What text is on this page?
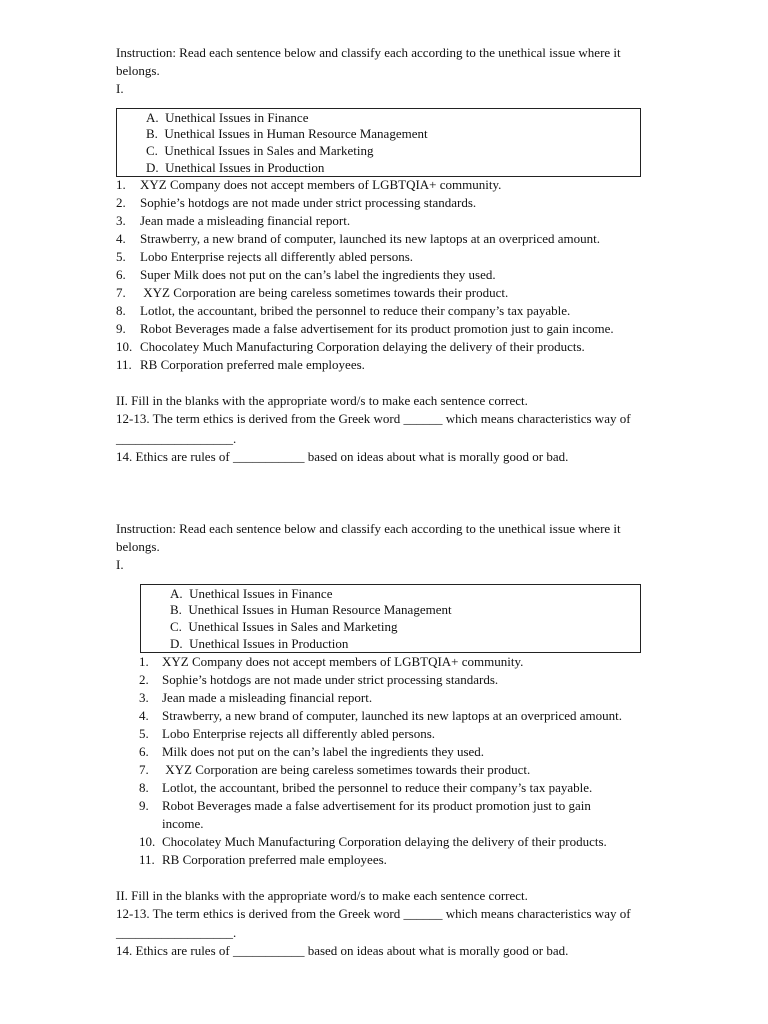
Instruction: Read each sentence below and classify each according to the unethical issue where it
belongs.
I.
A. Unethical Issues in Finance
B. Unethical Issues in Human Resource Management
C. Unethical Issues in Sales and Marketing
D. Unethical Issues in Production
1. XYZ Company does not accept members of LGBTQIA+ community.
2. Sophie’s hotdogs are not made under strict processing standards.
3. Jean made a misleading financial report.
4. Strawberry, a new brand of computer, launched its new laptops at an overpriced amount.
5. Lobo Enterprise rejects all differently abled persons.
6. Super Milk does not put on the can’s label the ingredients they used.
7. XYZ Corporation are being careless sometimes towards their product.
8. Lotlot, the accountant, bribed the personnel to reduce their company’s tax payable.
9. Robot Beverages made a false advertisement for its product promotion just to gain income.
10. Chocolatey Much Manufacturing Corporation delaying the delivery of their products.
11. RB Corporation preferred male employees.
II. Fill in the blanks with the appropriate word/s to make each sentence correct.
12-13. The term ethics is derived from the Greek word ______ which means characteristics way of
__________________.
14. Ethics are rules of ___________ based on ideas about what is morally good or bad.
Instruction: Read each sentence below and classify each according to the unethical issue where it
belongs.
I.
A. Unethical Issues in Finance
B. Unethical Issues in Human Resource Management
C. Unethical Issues in Sales and Marketing
D. Unethical Issues in Production
1. XYZ Company does not accept members of LGBTQIA+ community.
2. Sophie’s hotdogs are not made under strict processing standards.
3. Jean made a misleading financial report.
4. Strawberry, a new brand of computer, launched its new laptops at an overpriced amount.
5. Lobo Enterprise rejects all differently abled persons.
6. Milk does not put on the can’s label the ingredients they used.
7. XYZ Corporation are being careless sometimes towards their product.
8. Lotlot, the accountant, bribed the personnel to reduce their company’s tax payable.
9. Robot Beverages made a false advertisement for its product promotion just to gain
income.
10. Chocolatey Much Manufacturing Corporation delaying the delivery of their products.
11. RB Corporation preferred male employees.
II. Fill in the blanks with the appropriate word/s to make each sentence correct.
12-13. The term ethics is derived from the Greek word ______ which means characteristics way of
__________________.
14. Ethics are rules of ___________ based on ideas about what is morally good or bad.
